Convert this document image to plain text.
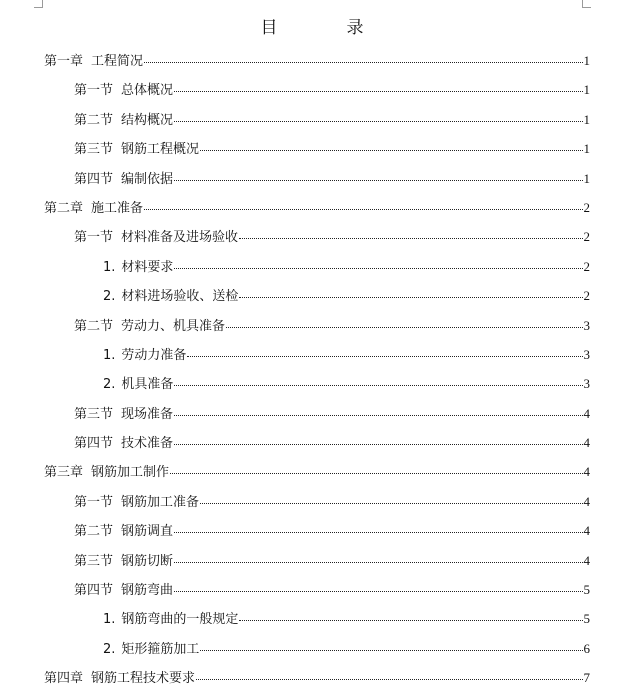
目　录
第一章 工程简况	1
第一节 总体概况	1
第二节 结构概况	1
第三节 钢筋工程概况	1
第四节 编制依据	1
第二章 施工准备	2
第一节 材料准备及进场验收	2
1. 材料要求	2
2. 材料进场验收、送检	2
第二节 劳动力、机具准备	3
1. 劳动力准备	3
2. 机具准备	3
第三节 现场准备	4
第四节 技术准备	4
第三章 钢筋加工制作	4
第一节 钢筋加工准备	4
第二节 钢筋调直	4
第三节 钢筋切断	4
第四节 钢筋弯曲	5
1. 钢筋弯曲的一般规定	5
2. 矩形箍筋加工	6
第四章 钢筋工程技术要求	7
